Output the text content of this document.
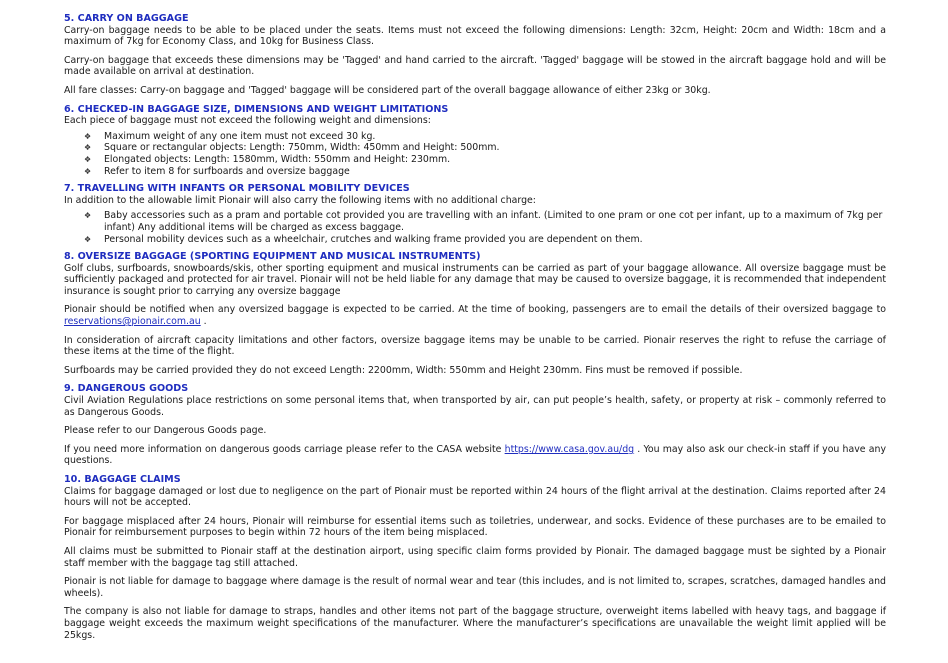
5. CARRY ON BAGGAGE

Carry-on baggage needs to be able to be placed under the seats. Items must not exceed the following dimensions: Length: 32cm, Height: 20cm and Width: 18cm and a maximum of 7kg for Economy Class, and 10kg for Business Class.

Carry-on baggage that exceeds these dimensions may be 'Tagged' and hand carried to the aircraft. 'Tagged' baggage will be stowed in the aircraft baggage hold and will be made available on arrival at destination.

All fare classes: Carry-on baggage and 'Tagged' baggage will be considered part of the overall baggage allowance of either 23kg or 30kg.

6. CHECKED-IN BAGGAGE SIZE, DIMENSIONS AND WEIGHT LIMITATIONS

Each piece of baggage must not exceed the following weight and dimensions:

❖ Maximum weight of any one item must not exceed 30 kg.
❖ Square or rectangular objects: Length: 750mm, Width: 450mm and Height: 500mm.
❖ Elongated objects: Length: 1580mm, Width: 550mm and Height: 230mm.
❖ Refer to item 8 for surfboards and oversize baggage
7. TRAVELLING WITH INFANTS OR PERSONAL MOBILITY DEVICES

In addition to the allowable limit Pionair will also carry the following items with no additional charge:

❖ Baby accessories such as a pram and portable cot provided you are travelling with an infant. (Limited to one pram or one cot per infant, up to a maximum of 7kg per infant) Any additional items will be charged as excess baggage.
❖ Personal mobility devices such as a wheelchair, crutches and walking frame provided you are dependent on them.
8. OVERSIZE BAGGAGE (SPORTING EQUIPMENT AND MUSICAL INSTRUMENTS)

Golf clubs, surfboards, snowboards/skis, other sporting equipment and musical instruments can be carried as part of your baggage allowance. All oversize baggage must be sufficiently packaged and protected for air travel. Pionair will not be held liable for any damage that may be caused to oversize baggage, it is recommended that independent insurance is sought prior to carrying any oversize baggage

Pionair should be notified when any oversized baggage is expected to be carried. At the time of booking, passengers are to email the details of their oversized baggage to reservations@pionair.com.au .

In consideration of aircraft capacity limitations and other factors, oversize baggage items may be unable to be carried. Pionair reserves the right to refuse the carriage of these items at the time of the flight.

Surfboards may be carried provided they do not exceed Length: 2200mm, Width: 550mm and Height 230mm. Fins must be removed if possible.

9. DANGEROUS GOODS

Civil Aviation Regulations place restrictions on some personal items that, when transported by air, can put people’s health, safety, or property at risk – commonly referred to as Dangerous Goods.

Please refer to our Dangerous Goods page.

If you need more information on dangerous goods carriage please refer to the CASA website https://www.casa.gov.au/dg . You may also ask our check-in staff if you have any questions.

10. BAGGAGE CLAIMS

Claims for baggage damaged or lost due to negligence on the part of Pionair must be reported within 24 hours of the flight arrival at the destination. Claims reported after 24 hours will not be accepted.

For baggage misplaced after 24 hours, Pionair will reimburse for essential items such as toiletries, underwear, and socks. Evidence of these purchases are to be emailed to Pionair for reimbursement purposes to begin within 72 hours of the item being misplaced.

All claims must be submitted to Pionair staff at the destination airport, using specific claim forms provided by Pionair. The damaged baggage must be sighted by a Pionair staff member with the baggage tag still attached.

Pionair is not liable for damage to baggage where damage is the result of normal wear and tear (this includes, and is not limited to, scrapes, scratches, damaged handles and wheels).

The company is also not liable for damage to straps, handles and other items not part of the baggage structure, overweight items labelled with heavy tags, and baggage if baggage weight exceeds the maximum weight specifications of the manufacturer. Where the manufacturer’s specifications are unavailable the weight limit applied will be 25kgs.
